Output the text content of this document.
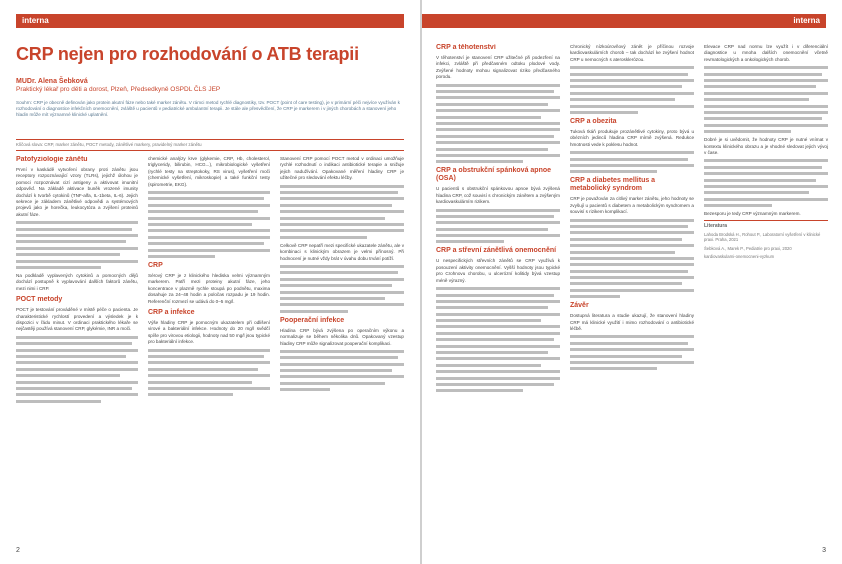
interna
CRP nejen pro rozhodování o ATB terapii
MUDr. Alena Šebková
Praktický lékař pro děti a dorost, Plzeň, Předsedkyně OSPDL ČLS JEP
Souhrn: CRP je obecně definován jako protein akutní fáze nebo také marker zánětu. V rámci metod rychlé diagnostiky, tzv. POCT (point of care testing), je v primární péči nejvíce využíván k rozhodování o diagnostice infekčních onemocnění, zvláště u pacientů v pediatrické ambulantní terapii. Je stále ale přesvědčení, že CRP je markerem i v jiných chorobách a stanovení jeho hladin může mít významné klinické uplatnění.
Klíčová slova: CRP, marker zánětu, POCT metody, zánětlivé markery, pravidelný marker zánětu
Patofyziologie zánětu

První v kaskádě vytvoření obrany proti zánětu jsou receptory rozpoznávající vzory (TLRs), jejichž úlohou je pomoci rozpoznávat cizí antigeny a aktivovat imunitní odpověď. Na základě aktivace buněk vrozené imunity dochází k tvorbě cytokinů (TNF-alfa, IL-1beta, IL-6). Jejich sekrece je základem zánětlivé odpovědi a systémových projevů jako je horečka, leukocytóza a zvýšení proteinů akutní fáze.

Na podkladě vyplavených cytokinů a pomocných dějů dochází postupně k vyplavování dalších faktorů zánětu, mezi nimi i CRP.

POCT metody

POCT je testování prováděné v místě péče o pacienta. Je charakteristické rychlostí provedení a výsledek je k dispozici v řádu minut. V ordinaci praktického lékaře se nejčastěji používá stanovení CRP, glykémie, INR a moči.

chemické analýzy krve (glykemie, CRP, Hb, cholesterol, triglyceridy, bilirubin, HCG...), mikrobiologické vyšetření (rychlé testy na streptokoky, RS virus), vyšetření moči (chemické vyšetření, mikroskopie) a také funkční testy (spirometrie, EKG).

CRP

Sérový CRP je z klinického hlediska velmi významným markerem. Patří mezi proteiny akutní fáze, jeho koncentrace v plazmě rychle stoupá po podnětu, maxima dosahuje za 24–48 hodin a poločas rozpadu je 19 hodin. Referenční rozmezí se udává do 0–5 mg/l.

CRP a infekce

Výše hladiny CRP je pomocným ukazatelem při odlišení virové a bakteriální infekce. Hodnoty do 20 mg/l svědčí spíše pro virovou etiologii, hodnoty nad 50 mg/l jsou typické pro bakteriální infekce.

Stanovení CRP pomocí POCT metod v ordinaci umožňuje rychlé rozhodnutí o indikaci antibiotické terapie a snižuje jejich nadužívání. Opakované měření hladiny CRP je užitečné pro sledování efektu léčby.

Celkově CRP nepatří mezi specifické ukazatele zánětu, ale v kombinaci s klinickým obrazem je velmi přínosný. Při hodnocení je nutné vždy brát v úvahu dobu trvání potíží.

Pooperační infekce

Hladina CRP bývá zvýšena po operačním výkonu a normalizuje se během několika dnů. Opakovaný vzestup hladiny CRP může signalizovat pooperační komplikaci.

2
interna
CRP a těhotenství

V těhotenství je stanovení CRP užitečné při podezření na infekci, zvláště při předčasném odtoku plodové vody. Zvýšené hodnoty mohou signalizovat riziko předčasného porodu.

CRP a obstrukční spánková apnoe (OSA)

U pacientů s obstrukční spánkovou apnoe bývá zvýšená hladina CRP, což souvisí s chronickým zánětem a zvýšeným kardiovaskulárním rizikem.

CRP a střevní zánětlivá onemocnění

U nespecifických střevních zánětů se CRP využívá k posouzení aktivity onemocnění. Vyšší hodnoty jsou typické pro Crohnovu chorobu, u ulcerózní kolitidy bývá vzestup méně výrazný.

Chronický nízkoúrovňový zánět je příčinou rozvoje kardiovaskulárních chorob – tak dochází ke zvýšení hodnot CRP u nemocných s aterosklerózou.

CRP a obezita

Tuková tkáň produkuje prozánětlivé cytokiny, proto bývá u obézních jedinců hladina CRP mírně zvýšená. Redukce hmotnosti vede k poklesu hodnot.

CRP a diabetes mellitus a metabolický syndrom

CRP je považován za citlivý marker zánětu, jeho hodnoty se zvyšují u pacientů s diabetem a metabolickým syndromem a souvisí s rizikem komplikací.

Závěr

Dostupná literatura a studie ukazují, že stanovení hladiny CRP má klinické využití i mimo rozhodování o antibiotické léčbě.

Elevace CRP nad normu lze využít i v diferenciální diagnostice u mnoha dalších onemocnění včetně revmatologických a onkologických chorob.

Dobré je si uvědomit, že hodnoty CRP je nutné vnímat v kontextu klinického obrazu a je vhodné sledovat jejich vývoj v čase.

Bezesporu je tedy CRP významným markerem.

Literatura
Lahoda Brodská H., Rohout P., Laboratorní vyšetření v klinické praxi. Praha, 2021
Šebková A., Marek P., Pediatrie pro praxi, 2020
kardiovaskularni-onemocneni-vyzkum
3
